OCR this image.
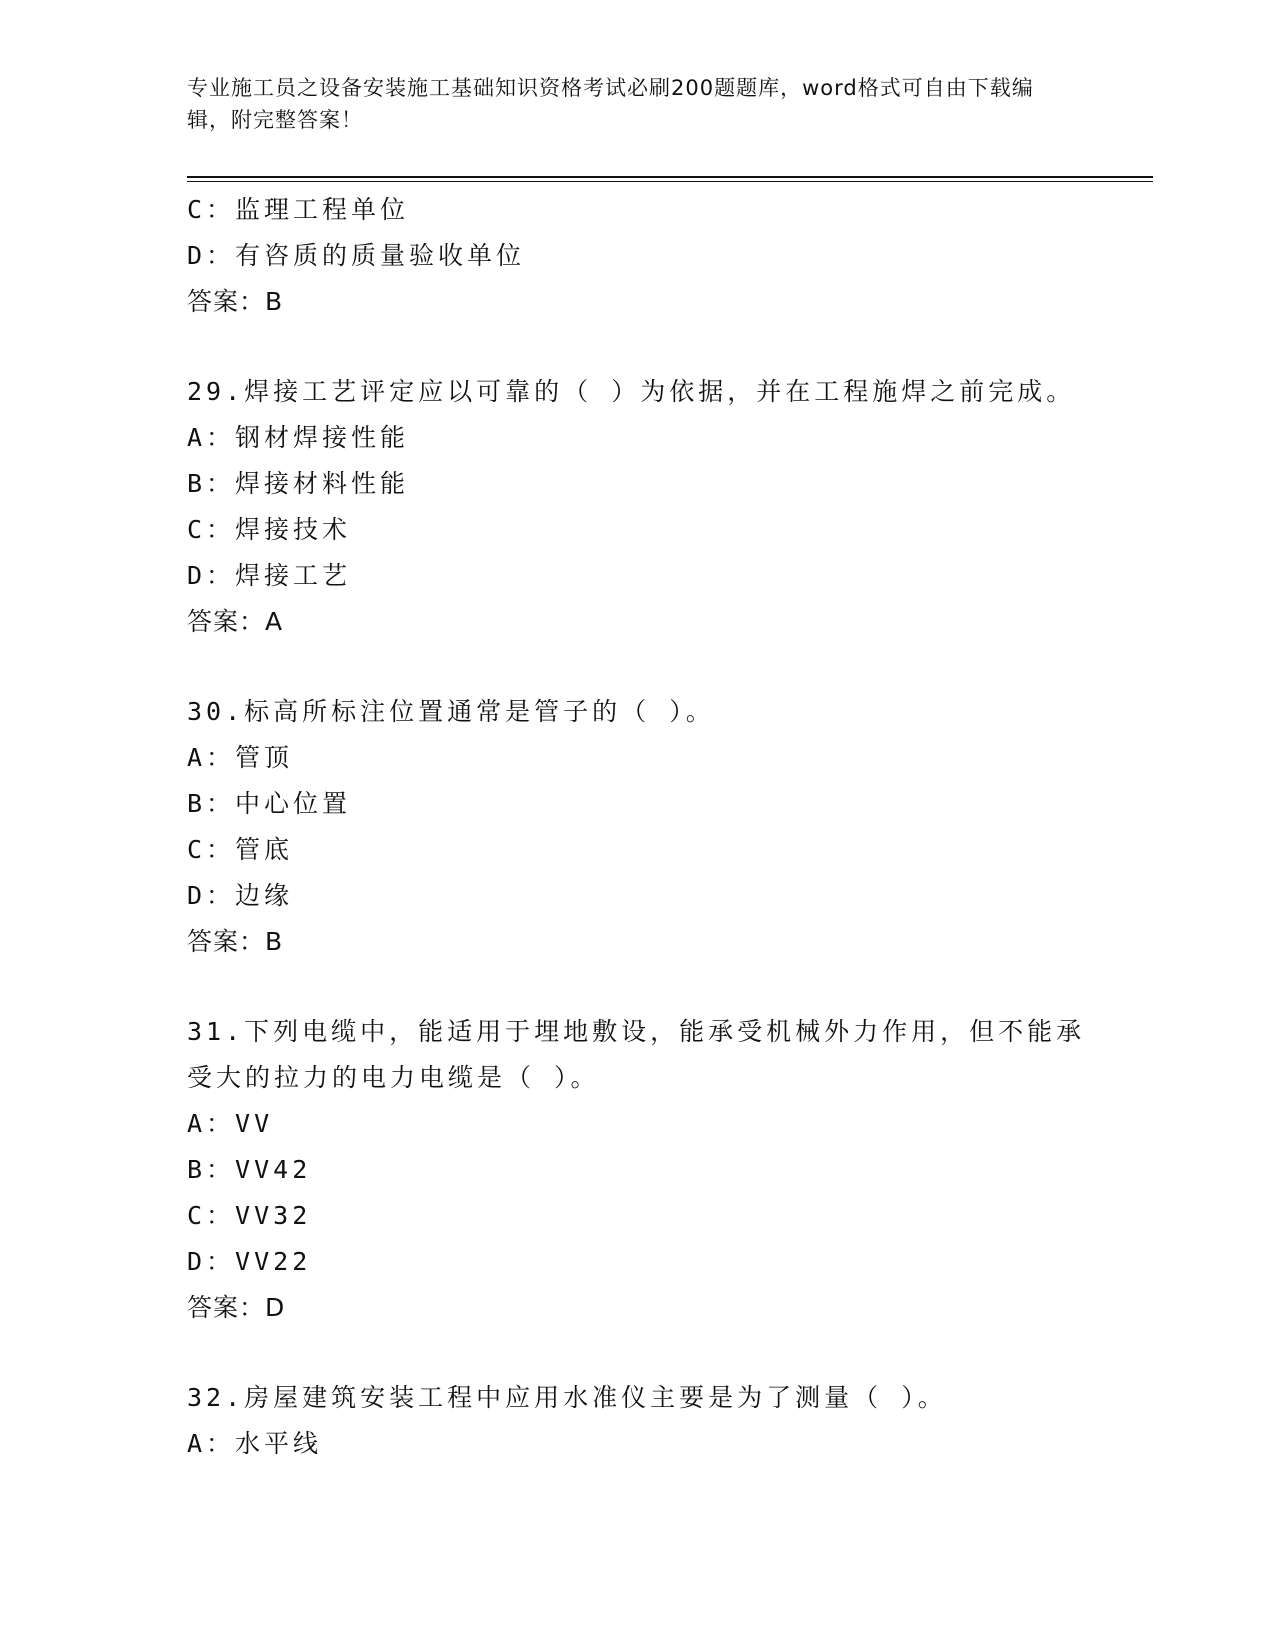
专业施工员之设备安装施工基础知识资格考试必刷200题题库，word格式可自由下载编辑，附完整答案！
C：监理工程单位
D：有咨质的质量验收单位
答案：B
29.焊接工艺评定应以可靠的（ ）为依据，并在工程施焊之前完成。
A：钢材焊接性能
B：焊接材料性能
C：焊接技术
D：焊接工艺
答案：A
30.标高所标注位置通常是管子的（ ）。
A：管顶
B：中心位置
C：管底
D：边缘
答案：B
31.下列电缆中，能适用于埋地敷设，能承受机械外力作用，但不能承受大的拉力的电力电缆是（ ）。
A：VV
B：VV42
C：VV32
D：VV22
答案：D
32.房屋建筑安装工程中应用水准仪主要是为了测量（ ）。
A：水平线
